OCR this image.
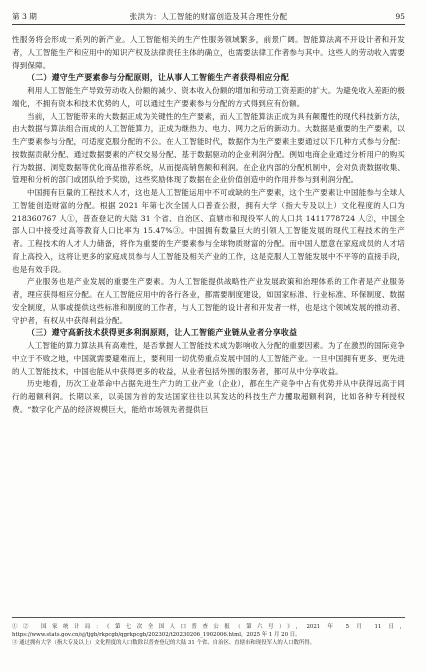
第 3 期	张洪为：人工智能的财富创造及其合理性分配	95

性服务将会形成一系列的新产业。人工智能相关的生产性服务领域繁多，前景广阔。智能算法离不开设计者和开发者，人工智能生产和应用中的知识产权及法律责任主体的确立，也需要法律工作者参与其中。这些人的劳动收入需要得到保障。

（二）遵守生产要素参与分配原则，让从事人工智能生产者获得相应分配

利用人工智能生产导致劳动收入份额的减少、资本收入份额的增加和劳动工资差距的扩大。为避免收入差距的极端化，不拥有资本和技术优势的人，可以通过生产要素参与分配的方式得到应有份额。

当前，人工智能带来的大数据正成为关键性的生产要素，而人工智能算法正成为具有颠覆性的现代科技新方法，由大数据与算法组合而成的人工智能算力，正成为继热力、电力、网力之后的新动力。大数据是重要的生产要素，以生产要素参与分配，可适度克服分配的不公。在人工智能时代，数据作为生产要素主要通过以下几种方式参与分配：按数据贡献分配、通过数据要素的产权交易分配、基于数据驱动的企业利润分配。例如电商企业通过分析用户的购买行为数据、浏览数据等优化商品推荐系统，从而提高销售额和利润。在企业内部的分配机制中，会对负责数据收集、管理和分析的部门或团队给予奖励，这些奖励体现了数据在企业价值创造中的作用并参与到利润分配。

中国拥有巨量的工程技术人才，这也是人工智能运用中不可或缺的生产要素，这个生产要素让中国能参与全球人工智能创造财富的分配。根据 2021 年第七次全国人口普查公报，拥有大学（指大专及以上）文化程度的人口为 218360767 人①，普查登记的大陆 31 个省、自治区、直辖市和现役军人的人口共 1411778724 人②，中国全部人口中接受过高等教育人口比率为 15.47%③。中国拥有数量巨大的引领人工智能发展的现代工程技术的生产者。工程技术的人才人力储备，将作为重要的生产要素参与全球物质财富的分配。而中国人愿意在家庭成员的人才培育上高投入，这将让更多的家庭成员参与人工智能及相关产业的工作，这是克服人工智能发展中不平等的直接手段，也是有效手段。

产业服务也是产业发展的重要生产要素。为人工智能提供战略性产业发展政策和治理体系的工作者是产业服务者，理应获得相应分配。在人工智能应用中的各行各业，都需要制度建设，如国家标准、行业标准、环保制度、数据安全制度，从事或提供这些标准和制度的工作者，与人工智能的设计者和开发者一样，也是这个领域发展的推动者、守护者，有权从中获得利益分配。

（三）遵守高新技术获得更多利润原则，让人工智能产业链从业者分享收益

人工智能的算力算法具有高难性，是否掌握人工智能技术成为影响收入分配的重要因素。为了在激烈的国际竞争中立于不败之地，中国就需要避难而上，要利用一切优势重点发展中国的人工智能产业。一旦中国拥有更多、更先进的人工智能技术，中国也能从中获得更多的收益，从业者包括外围的服务者，都可从中分享收益。

历史地看，历次工业革命中占据先进生产力的工业产业（企业），都在生产竞争中占有优势并从中获得远高于同行的超额利润。长期以来，以美国为首的发达国家往往以其发达的科技生产力攫取超额利润，比如各种专利授权费。“数字化产品的经济规模巨大，能给市场领先者提供巨

①② 国家统计局：《第七次全国人口普查公报（第六号）》，2021 年 5 月 11 日，https://www.stats.gov.cn/sj/tjgb/rkpcgb/qgrkpcgb/202302/t20230206_1902006.html，2025 年 1 月 20 日。

③ 通过拥有大学（指大专及以上）文化程度的人口数除以普查登记的大陆 31 个省、自治区、直辖市和现役军人的人口数所得。
